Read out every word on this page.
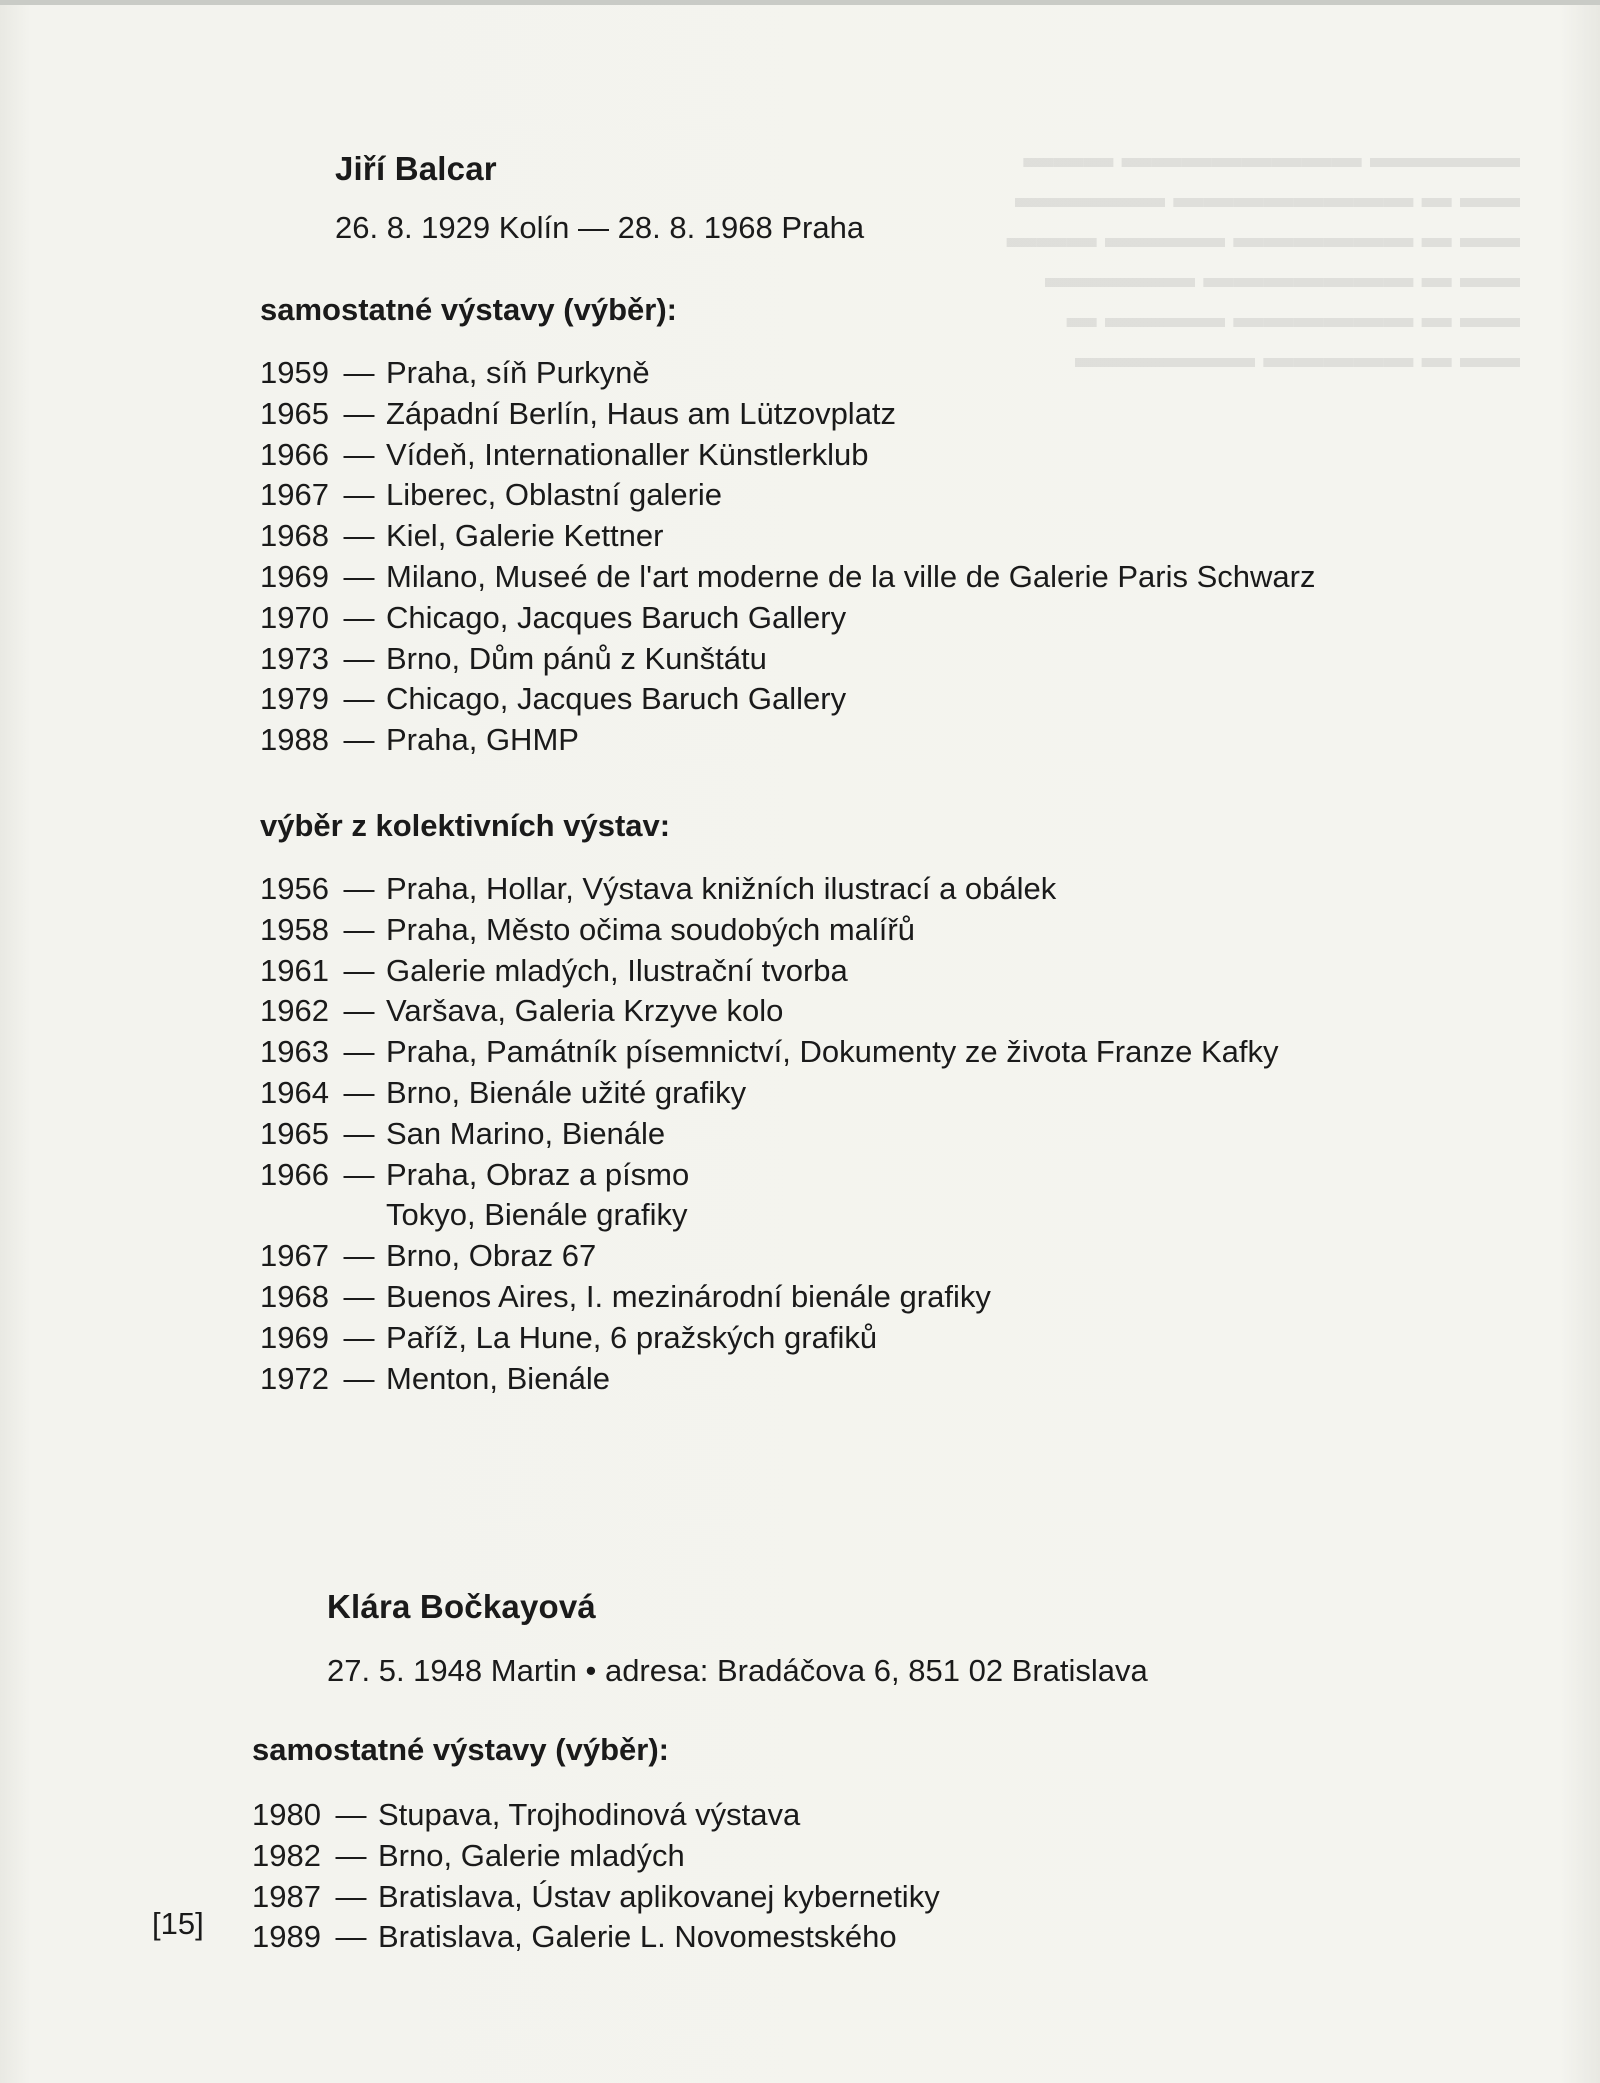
▬▬▬▬▬ ▬▬▬▬▬▬▬▬ ▬▬▬
▬▬ ▬ ▬▬▬▬▬▬▬▬ ▬▬▬▬▬
▬▬ ▬ ▬▬▬▬▬▬ ▬▬▬▬ ▬▬▬
▬▬ ▬ ▬▬▬▬▬▬▬ ▬▬▬▬▬
▬▬ ▬ ▬▬▬▬▬▬ ▬▬▬▬ ▬
▬▬ ▬ ▬▬▬▬▬ ▬▬▬▬▬▬
Jiří Balcar
26. 8. 1929 Kolín — 28. 8. 1968 Praha
samostatné výstavy (výběr):
1959 — Praha, síň Purkyně
1965 — Západní Berlín, Haus am Lützovplatz
1966 — Vídeň, Internationaller Künstlerklub
1967 — Liberec, Oblastní galerie
1968 — Kiel, Galerie Kettner
1969 — Milano, Museé de l'art moderne de la ville de Galerie Paris Schwarz
1970 — Chicago, Jacques Baruch Gallery
1973 — Brno, Dům pánů z Kunštátu
1979 — Chicago, Jacques Baruch Gallery
1988 — Praha, GHMP
výběr z kolektivních výstav:
1956 — Praha, Hollar, Výstava knižních ilustrací a obálek
1958 — Praha, Město očima soudobých malířů
1961 — Galerie mladých, Ilustrační tvorba
1962 — Varšava, Galeria Krzyve kolo
1963 — Praha, Památník písemnictví, Dokumenty ze života Franze Kafky
1964 — Brno, Bienále užité grafiky
1965 — San Marino, Bienále
1966 — Praha, Obraz a písmo
Tokyo, Bienále grafiky
1967 — Brno, Obraz 67
1968 — Buenos Aires, I. mezinárodní bienále grafiky
1969 — Paříž, La Hune, 6 pražských grafiků
1972 — Menton, Bienále
Klára Bočkayová
27. 5. 1948 Martin • adresa: Bradáčova 6, 851 02 Bratislava
samostatné výstavy (výběr):
1980 — Stupava, Trojhodinová výstava
1982 — Brno, Galerie mladých
1987 — Bratislava, Ústav aplikovanej kybernetiky
1989 — Bratislava, Galerie L. Novomestského
[15]
